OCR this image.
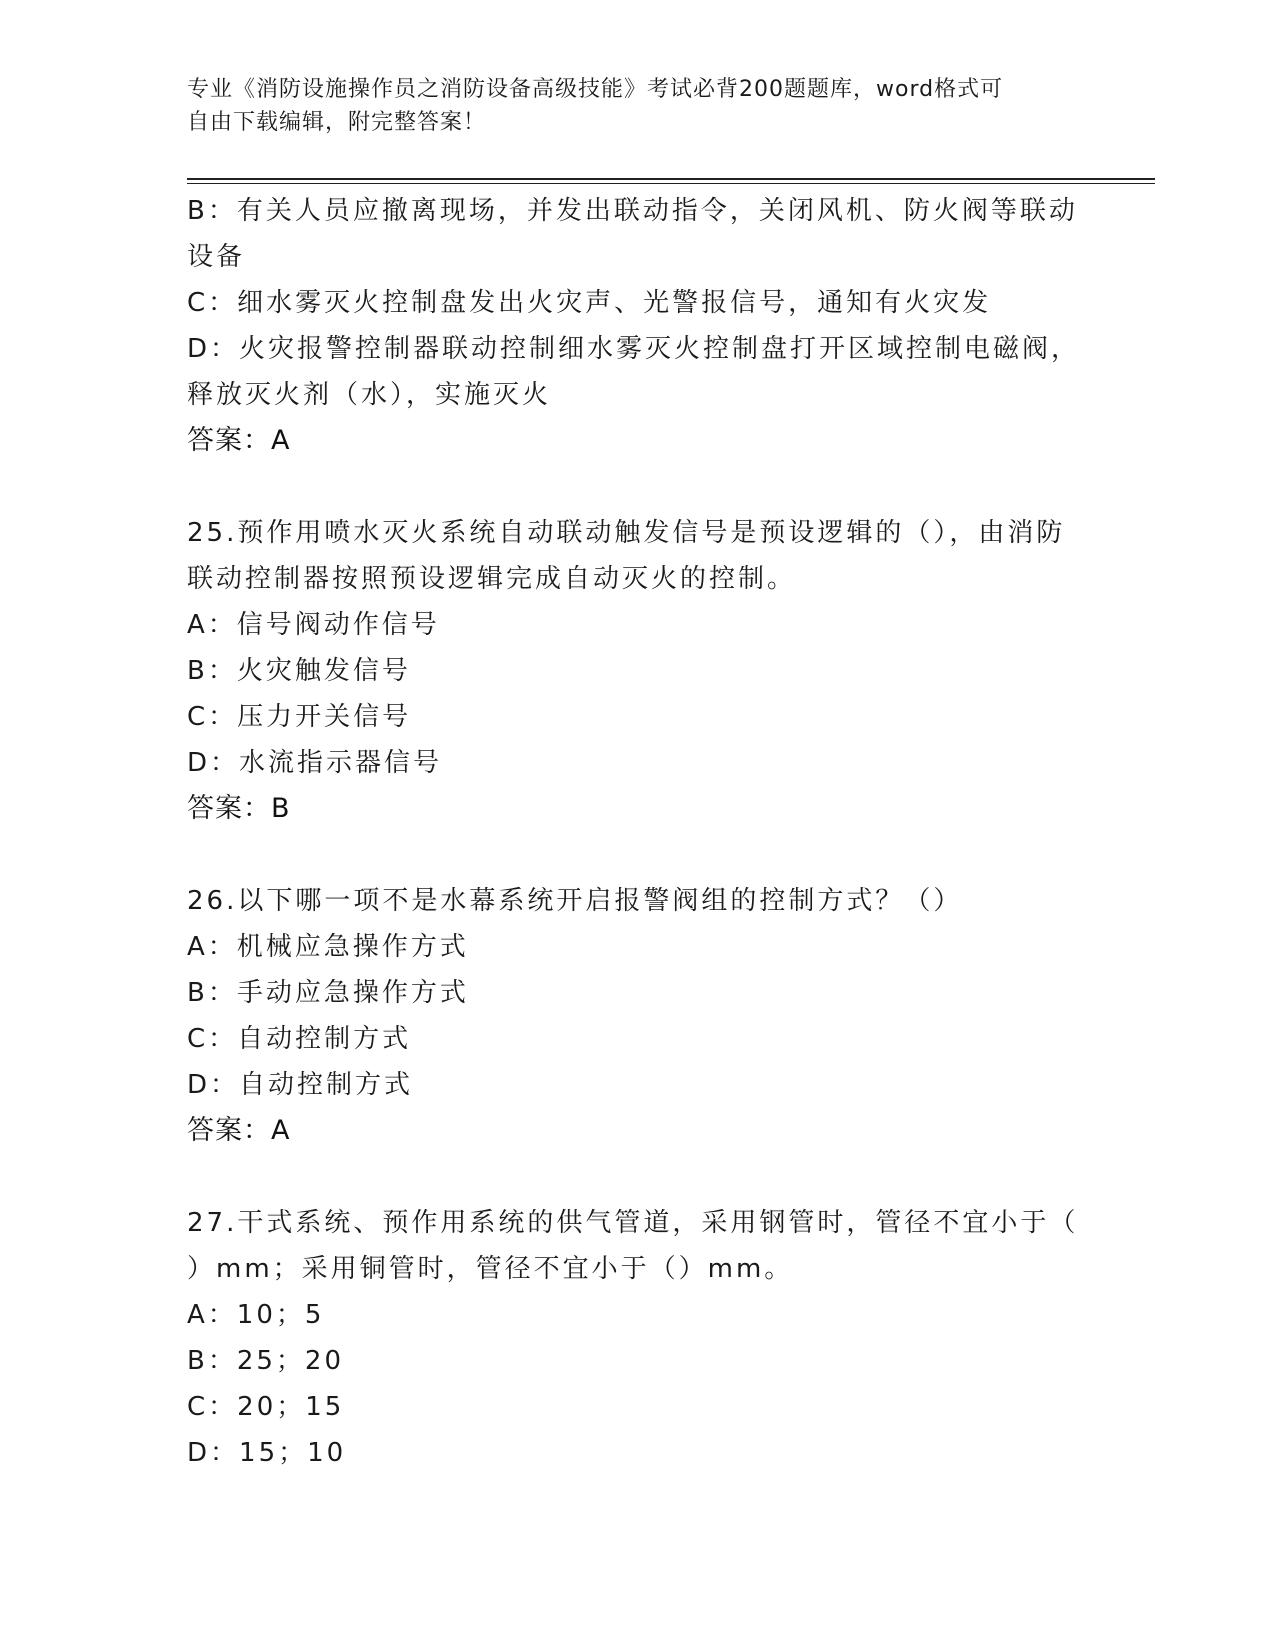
专业《消防设施操作员之消防设备高级技能》考试必背200题题库，word格式可
自由下载编辑，附完整答案！
B：有关人员应撤离现场，并发出联动指令，关闭风机、防火阀等联动
设备
C：细水雾灭火控制盘发出火灾声、光警报信号，通知有火灾发
D：火灾报警控制器联动控制细水雾灭火控制盘打开区域控制电磁阀，
释放灭火剂（水），实施灭火
答案：A
25.预作用喷水灭火系统自动联动触发信号是预设逻辑的（），由消防
联动控制器按照预设逻辑完成自动灭火的控制。
A：信号阀动作信号
B：火灾触发信号
C：压力开关信号
D：水流指示器信号
答案：B
26.以下哪一项不是水幕系统开启报警阀组的控制方式？（）
A：机械应急操作方式
B：手动应急操作方式
C：自动控制方式
D：自动控制方式
答案：A
27.干式系统、预作用系统的供气管道，采用钢管时，管径不宜小于（
）mm；采用铜管时，管径不宜小于（）mm。
A：10；5
B：25；20
C：20；15
D：15；10
